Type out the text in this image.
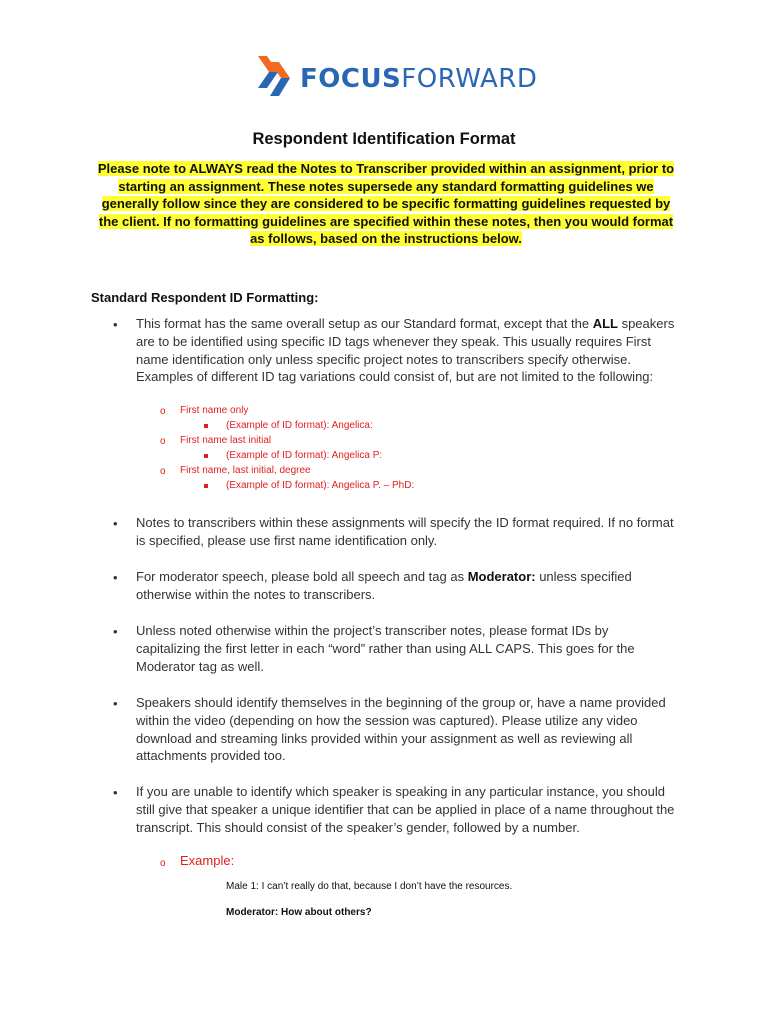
FOCUSFORWARD
Respondent Identification Format
Please note to ALWAYS read the Notes to Transcriber provided within an assignment, prior to starting an assignment. These notes supersede any standard formatting guidelines we generally follow since they are considered to be specific formatting guidelines requested by the client. If no formatting guidelines are specified within these notes, then you would format as follows, based on the instructions below.
Standard Respondent ID Formatting:
• This format has the same overall setup as our Standard format, except that the ALL speakers are to be identified using specific ID tags whenever they speak. This usually requires First name identification only unless specific project notes to transcribers specify otherwise. Examples of different ID tag variations could consist of, but are not limited to the following:
o First name only
(Example of ID format): Angelica:
o First name last initial
(Example of ID format): Angelica P:
o First name, last initial, degree
(Example of ID format): Angelica P. – PhD:
• Notes to transcribers within these assignments will specify the ID format required. If no format is specified, please use first name identification only.
• For moderator speech, please bold all speech and tag as Moderator: unless specified otherwise within the notes to transcribers.
• Unless noted otherwise within the project’s transcriber notes, please format IDs by capitalizing the first letter in each “word” rather than using ALL CAPS. This goes for the Moderator tag as well.
• Speakers should identify themselves in the beginning of the group or, have a name provided within the video (depending on how the session was captured). Please utilize any video download and streaming links provided within your assignment as well as reviewing all attachments provided too.
• If you are unable to identify which speaker is speaking in any particular instance, you should still give that speaker a unique identifier that can be applied in place of a name throughout the transcript. This should consist of the speaker’s gender, followed by a number.
o Example:
Male 1: I can’t really do that, because I don’t have the resources.
Moderator: How about others?
